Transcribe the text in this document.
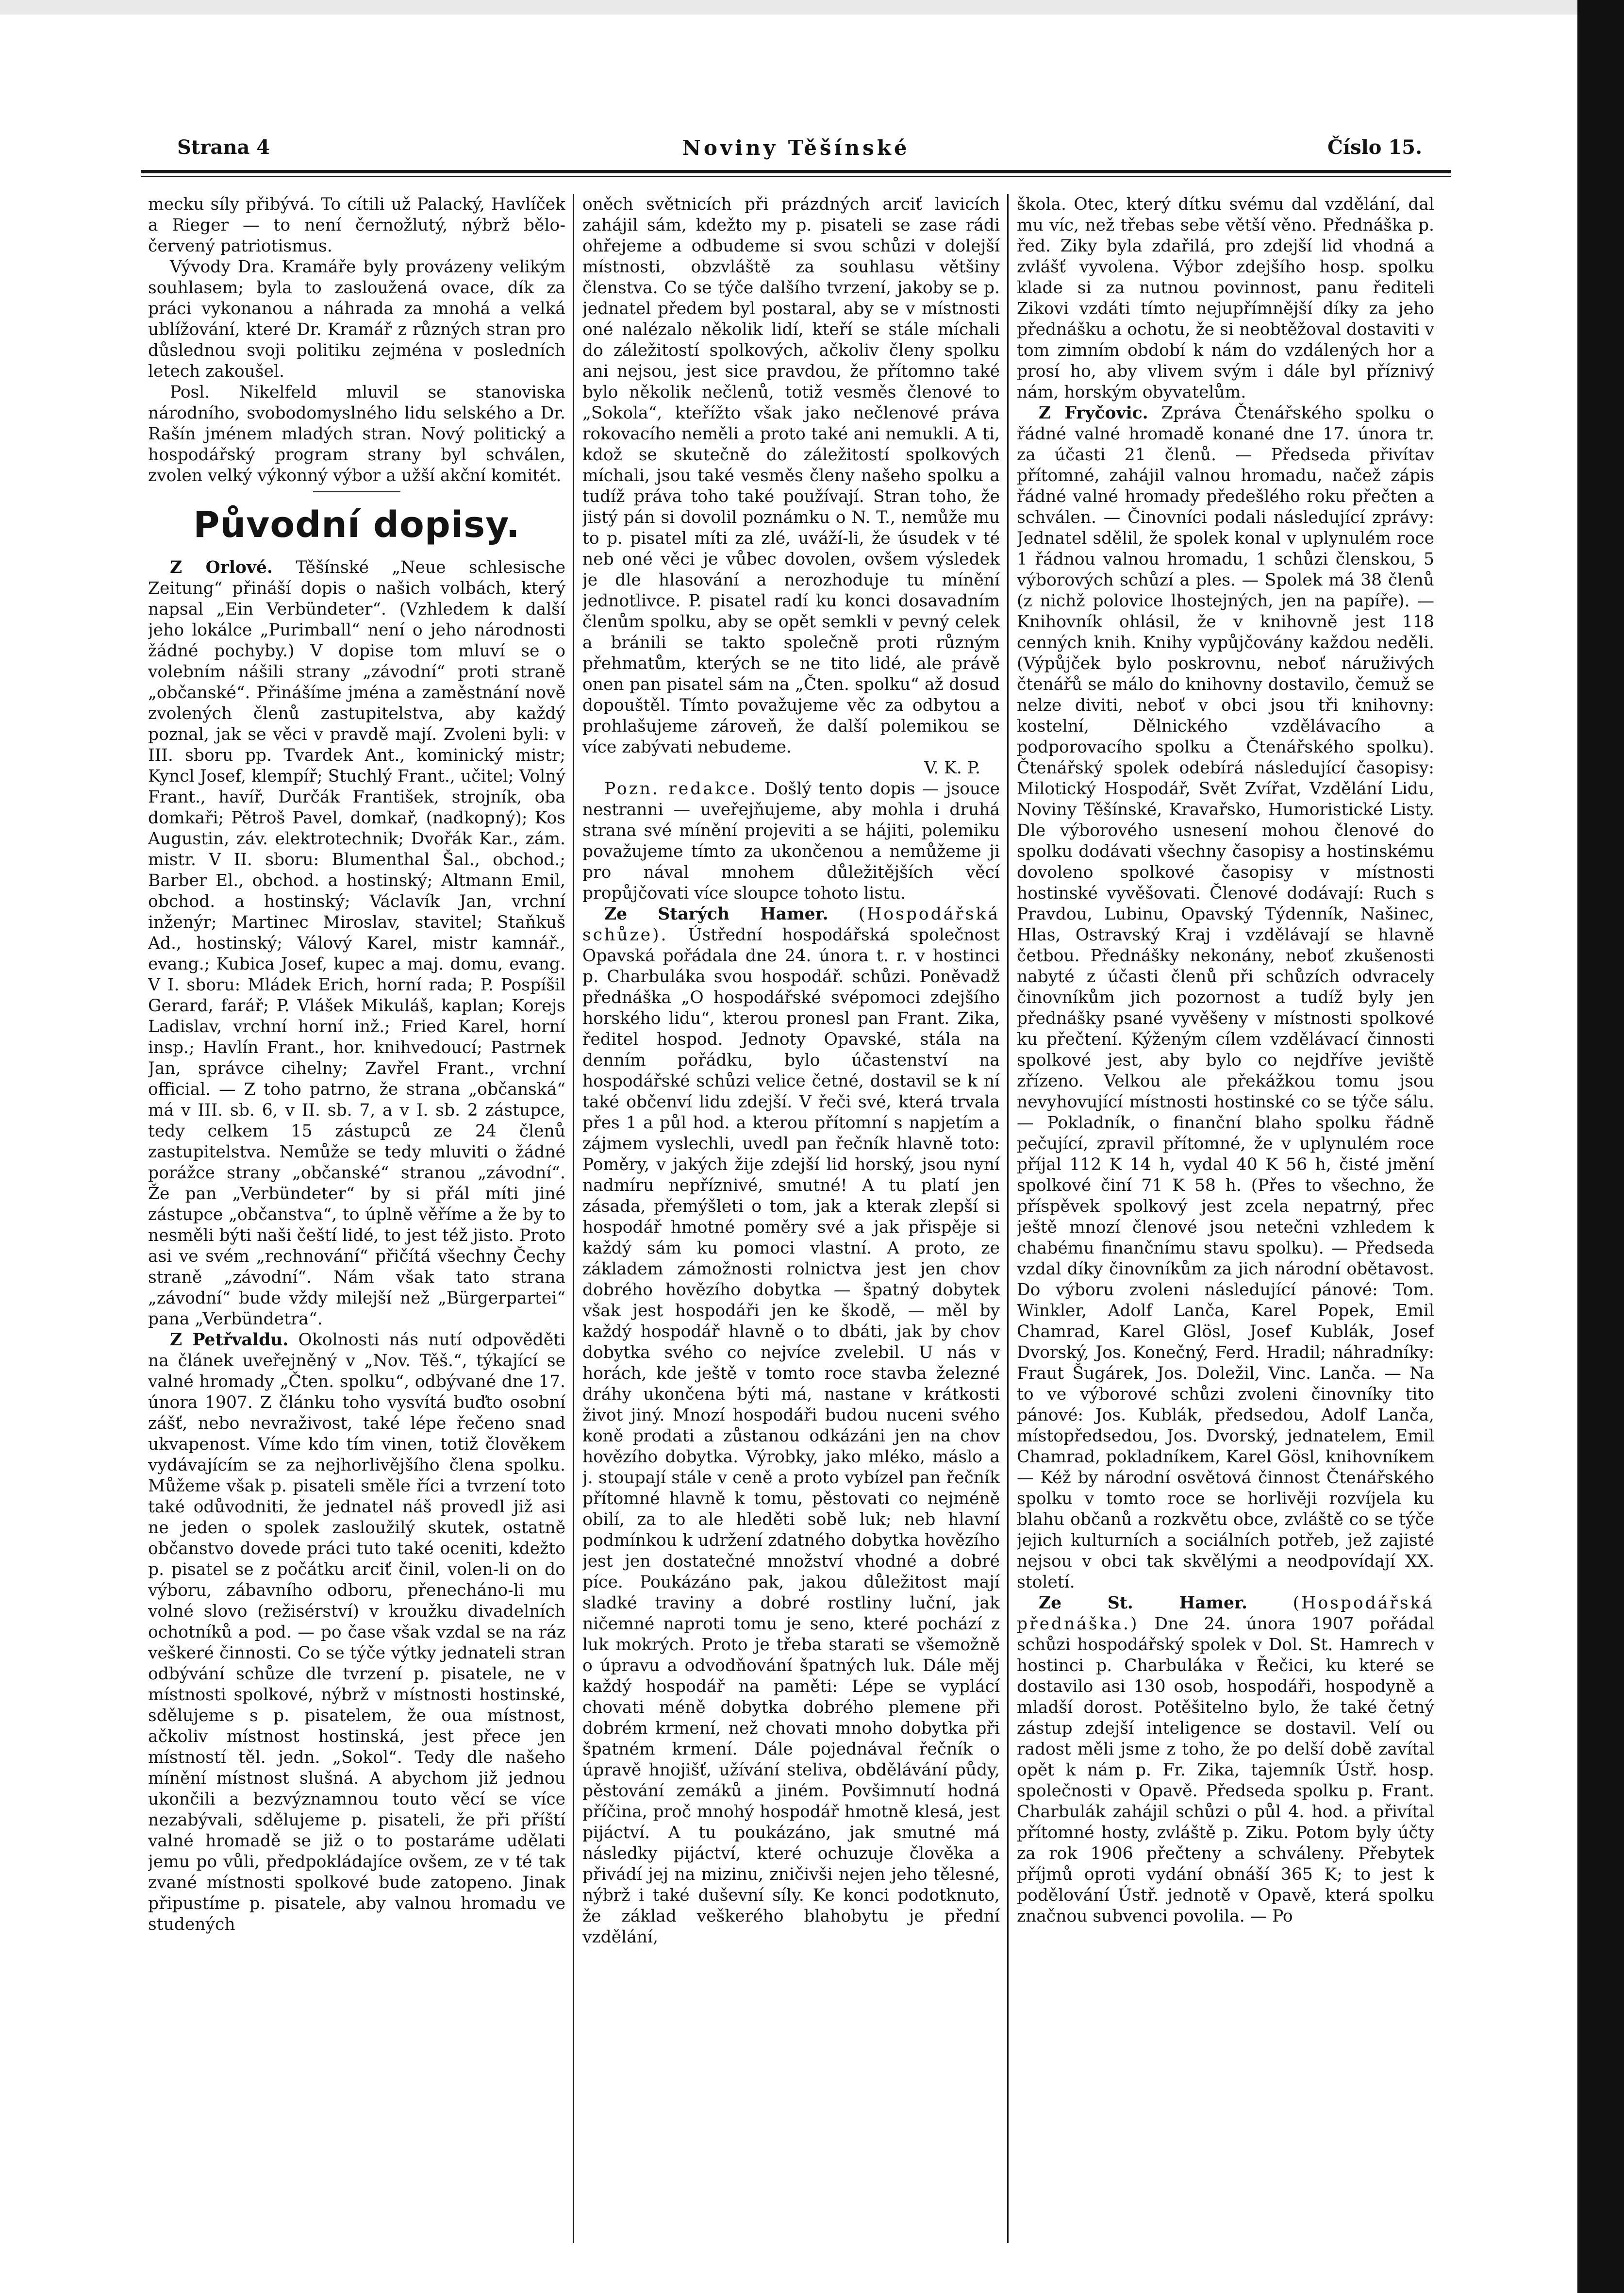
Noviny Těšínské
Strana 4	Číslo 15.

mecku síly přibývá. To cítili už Palacký, Havlíček a Rieger — to není černožlutý, nýbrž bělo-červený patriotismus.

Vývody Dra. Kramáře byly provázeny velikým souhlasem; byla to zasloužená ovace, dík za práci vykonanou a náhrada za mnohá a velká ublížování, které Dr. Kramář z různých stran pro důslednou svoji politiku zejména v posledních letech zakoušel.

Posl. Nikelfeld mluvil se stanoviska národního, svobodomyslného lidu selského a Dr. Rašín jménem mladých stran. Nový politický a hospodářský program strany byl schválen, zvolen velký výkonný výbor a užší akční komitét.

Původní dopisy.

Z Orlové. Těšínské „Neue schlesische Zeitung“ přináší dopis o našich volbách, který napsal „Ein Verbündeter“. (Vzhledem k další jeho lokálce „Purimball“ není o jeho národnosti žádné pochyby.) V dopise tom mluví se o volebním nášili strany „závodní“ proti straně „občanské“. Přinášíme jména a zaměstnání nově zvolených členů zastupitelstva, aby každý poznal, jak se věci v pravdě mají. Zvoleni byli: v III. sboru pp. Tvardek Ant., kominický mistr; Kyncl Josef, klempíř; Stuchlý Frant., učitel; Volný Frant., havíř, Durčák František, strojník, oba domkaři; Pětroš Pavel, domkař, (nadkopný); Kos Augustin, záv. elektrotechnik; Dvořák Kar., zám. mistr. V II. sboru: Blumenthal Šal., obchod.; Barber El., obchod. a hostinský; Altmann Emil, obchod. a hostinský; Václavík Jan, vrchní inženýr; Martinec Miroslav, stavitel; Staňkuš Ad., hostinský; Válový Karel, mistr kamnář., evang.; Kubica Josef, kupec a maj. domu, evang. V I. sboru: Mládek Erich, horní rada; P. Pospíšil Gerard, farář; P. Vlášek Mikuláš, kaplan; Korejs Ladislav, vrchní horní inž.; Fried Karel, horní insp.; Havlín Frant., hor. knihvedoucí; Pastrnek Jan, správce cihelny; Zavřel Frant., vrchní official. — Z toho patrno, že strana „občanská“ má v III. sb. 6, v II. sb. 7, a v I. sb. 2 zástupce, tedy celkem 15 zástupců ze 24 členů zastupitelstva. Nemůže se tedy mluviti o žádné porážce strany „občanské“ stranou „závodní“. Že pan „Verbündeter“ by si přál míti jiné zástupce „občanstva“, to úplně věříme a že by to nesměli býti naši čeští lidé, to jest též jisto. Proto asi ve svém „rechnování“ přičítá všechny Čechy straně „závodní“. Nám však tato strana „závodní“ bude vždy milejší než „Bürgerpartei“ pana „Verbündetra“.

Z Petřvaldu. Okolnosti nás nutí odpověděti na článek uveřejněný v „Nov. Těš.“, týkající se valné hromady „Čten. spolku“, odbývané dne 17. února 1907. Z článku toho vysvítá buďto osobní zášť, nebo nevraživost, také lépe řečeno snad ukvapenost. Víme kdo tím vinen, totiž člověkem vydávajícím se za nejhorlivějšího člena spolku. Můžeme však p. pisateli směle říci a tvrzení toto také odůvodniti, že jednatel náš provedl již asi ne jeden o spolek zasloužilý skutek, ostatně občanstvo dovede práci tuto také oceniti, kdežto p. pisatel se z počátku arciť činil, volen-li on do výboru, zábavního odboru, přenecháno-li mu volné slovo (režisérství) v kroužku divadelních ochotníků a pod. — po čase však vzdal se na ráz veškeré činnosti. Co se týče výtky jednateli stran odbývání schůze dle tvrzení p. pisatele, ne v místnosti spolkové, nýbrž v místnosti hostinské, sdělujeme s p. pisatelem, že oua místnost, ačkoliv místnost hostinská, jest přece jen místností těl. jedn. „Sokol“. Tedy dle našeho mínění místnost slušná. A abychom již jednou ukončili a bezvýznamnou touto věcí se více nezabývali, sdělujeme p. pisateli, že při příští valné hromadě se již o to postaráme udělati jemu po vůli, předpokládajíce ovšem, ze v té tak zvané místnosti spolkové bude zatopeno. Jinak připustíme p. pisatele, aby valnou hromadu ve studených

oněch světnicích při prázdných arciť lavicích zahájil sám, kdežto my p. pisateli se zase rádi ohřejeme a odbudeme si svou schůzi v dolejší místnosti, obzvláště za souhlasu většiny členstva. Co se týče dalšího tvrzení, jakoby se p. jednatel předem byl postaral, aby se v místnosti oné nalézalo několik lidí, kteří se stále míchali do záležitostí spolkových, ačkoliv členy spolku ani nejsou, jest sice pravdou, že přítomno také bylo několik nečlenů, totiž vesměs členové to „Sokola“, kteřížto však jako nečlenové práva rokovacího neměli a proto také ani nemukli. A ti, kdož se skutečně do záležitostí spolkových míchali, jsou také vesměs členy našeho spolku a tudíž práva toho také používají. Stran toho, že jistý pán si dovolil poznámku o N. T., nemůže mu to p. pisatel míti za zlé, uváží-li, že úsudek v té neb oné věci je vůbec dovolen, ovšem výsledek je dle hlasování a nerozhoduje tu mínění jednotlivce. P. pisatel radí ku konci dosavadním členům spolku, aby se opět semkli v pevný celek a bránili se takto společně proti různým přehmatům, kterých se ne tito lidé, ale právě onen pan pisatel sám na „Čten. spolku“ až dosud dopouštěl. Tímto považujeme věc za odbytou a prohlašujeme zároveň, že další polemikou se více zabývati nebudeme.

V. K. P.

Pozn. redakce. Došlý tento dopis — jsouce nestranni — uveřejňujeme, aby mohla i druhá strana své mínění projeviti a se hájiti, polemiku považujeme tímto za ukončenou a nemůžeme ji pro nával mnohem důležitějších věcí propůjčovati více sloupce tohoto listu.

Ze Starých Hamer. (Hospodářská schůze). Ústřední hospodářská společnost Opavská pořádala dne 24. února t. r. v hostinci p. Charbuláka svou hospodář. schůzi. Poněvadž přednáška „O hospodářské svépomoci zdejšího horského lidu“, kterou pronesl pan Frant. Zika, ředitel hospod. Jednoty Opavské, stála na denním pořádku, bylo účastenství na hospodářské schůzi velice četné, dostavil se k ní také občenví lidu zdejší. V řeči své, která trvala přes 1 a půl hod. a kterou přítomní s napjetím a zájmem vyslechli, uvedl pan řečník hlavně toto: Poměry, v jakých žije zdejší lid horský, jsou nyní nadmíru nepříznivé, smutné! A tu platí jen zásada, přemýšleti o tom, jak a kterak zlepší si hospodář hmotné poměry své a jak přispěje si každý sám ku pomoci vlastní. A proto, ze základem zámožnosti rolnictva jest jen chov dobrého hovězího dobytka — špatný dobytek však jest hospodáři jen ke škodě, — měl by každý hospodář hlavně o to dbáti, jak by chov dobytka svého co nejvíce zvelebil. U nás v horách, kde ještě v tomto roce stavba železné dráhy ukončena býti má, nastane v krátkosti život jiný. Mnozí hospodáři budou nuceni svého koně prodati a zůstanou odkázáni jen na chov hovězího dobytka. Výrobky, jako mléko, máslo a j. stoupají stále v ceně a proto vybízel pan řečník přítomné hlavně k tomu, pěstovati co nejméně obilí, za to ale hleděti sobě luk; neb hlavní podmínkou k udržení zdatného dobytka hovězího jest jen dostatečné množství vhodné a dobré píce. Poukázáno pak, jakou důležitost mají sladké traviny a dobré rostliny luční, jak ničemné naproti tomu je seno, které pochází z luk mokrých. Proto je třeba starati se všemožně o úpravu a odvodňování špatných luk. Dále měj každý hospodář na paměti: Lépe se vyplácí chovati méně dobytka dobrého plemene při dobrém krmení, než chovati mnoho dobytka při špatném krmení. Dále pojednával řečník o úpravě hnojišť, užívání steliva, obdělávání půdy, pěstování zemáků a jiném. Povšimnutí hodná příčina, proč mnohý hospodář hmotně klesá, jest pijáctví. A tu poukázáno, jak smutné má následky pijáctví, které ochuzuje člověka a přivádí jej na mizinu, zničivši nejen jeho tělesné, nýbrž i také duševní síly. Ke konci podotknuto, že základ veškerého blahobytu je přední vzdělání,

škola. Otec, který dítku svému dal vzdělání, dal mu víc, než třebas sebe větší věno. Přednáška p. řed. Ziky byla zdařilá, pro zdejší lid vhodná a zvlášť vyvolena. Výbor zdejšího hosp. spolku klade si za nutnou povinnost, panu řediteli Zikovi vzdáti tímto nejupřímnější díky za jeho přednášku a ochotu, že si neobtěžoval dostaviti v tom zimním období k nám do vzdálených hor a prosí ho, aby vlivem svým i dále byl příznivý nám, horským obyvatelům.

Z Fryčovic. Zpráva Čtenářského spolku o řádné valné hromadě konané dne 17. února tr. za účasti 21 členů. — Předseda přivítav přítomné, zahájil valnou hromadu, načež zápis řádné valné hromady předešlého roku přečten a schválen. — Činovníci podali následující zprávy: Jednatel sdělil, že spolek konal v uplynulém roce 1 řádnou valnou hromadu, 1 schůzi členskou, 5 výborových schůzí a ples. — Spolek má 38 členů (z nichž polovice lhostejných, jen na papíře). — Knihovník ohlásil, že v knihovně jest 118 cenných knih. Knihy vypůjčovány každou neděli. (Výpůjček bylo poskrovnu, neboť náruživých čtenářů se málo do knihovny dostavilo, čemuž se nelze diviti, neboť v obci jsou tři knihovny: kostelní, Dělnického vzdělávacího a podporovacího spolku a Čtenářského spolku). Čtenářský spolek odebírá následující časopisy: Milotický Hospodář, Svět Zvířat, Vzdělání Lidu, Noviny Těšínské, Kravařsko, Humoristické Listy. Dle výborového usnesení mohou členové do spolku dodávati všechny časopisy a hostinskému dovoleno spolkové časopisy v místnosti hostinské vyvěšovati. Členové dodávají: Ruch s Pravdou, Lubinu, Opavský Týdenník, Našinec, Hlas, Ostravský Kraj i vzdělávají se hlavně četbou. Přednášky nekonány, neboť zkušenosti nabyté z účasti členů při schůzích odvracely činovníkům jich pozornost a tudíž byly jen přednášky psané vyvěšeny v místnosti spolkové ku přečtení. Kýženým cílem vzdělávací činnosti spolkové jest, aby bylo co nejdříve jeviště zřízeno. Velkou ale překážkou tomu jsou nevyhovující místnosti hostinské co se týče sálu. — Pokladník, o finanční blaho spolku řádně pečující, zpravil přítomné, že v uplynulém roce příjal 112 K 14 h, vydal 40 K 56 h, čisté jmění spolkové činí 71 K 58 h. (Přes to všechno, že příspěvek spolkový jest zcela nepatrný, přec ještě mnozí členové jsou netečni vzhledem k chabému finančnímu stavu spolku). — Předseda vzdal díky činovníkům za jich národní obětavost. Do výboru zvoleni následující pánové: Tom. Winkler, Adolf Lanča, Karel Popek, Emil Chamrad, Karel Glösl, Josef Kublák, Josef Dvorský, Jos. Konečný, Ferd. Hradil; náhradníky: Fraut Šugárek, Jos. Doležil, Vinc. Lanča. — Na to ve výborové schůzi zvoleni činovníky tito pánové: Jos. Kublák, předsedou, Adolf Lanča, místopředsedou, Jos. Dvorský, jednatelem, Emil Chamrad, pokladníkem, Karel Gösl, knihovníkem — Kéž by národní osvětová činnost Čtenářského spolku v tomto roce se horlivěji rozvíjela ku blahu občanů a rozkvětu obce, zvláště co se týče jejich kulturních a sociálních potřeb, jež zajisté nejsou v obci tak skvělými a neodpovídají XX. století.

Ze St. Hamer.	(Hospodářská přednáška.) Dne 24. února 1907 pořádal schůzi hospodářský spolek v Dol. St. Hamrech v hostinci p. Charbuláka v Řečici, ku které se dostavilo asi 130 osob, hospodáři, hospodyně a mladší dorost. Potěšitelno bylo, že také četný zástup zdejší inteligence se dostavil. Velí ou radost měli jsme z toho, že po delší době zavítal opět k nám p. Fr. Zika, tajemník Ústř. hosp. společnosti v Opavě. Předseda spolku p. Frant. Charbulák zahájil schůzi o půl 4. hod. a přivítal přítomné hosty, zvláště p. Ziku. Potom byly účty za rok 1906 přečteny a schváleny. Přebytek příjmů oproti vydání obnáší 365 K; to jest k podělování Ústř. jednotě v Opavě, která spolku značnou subvenci povolila. — Po
